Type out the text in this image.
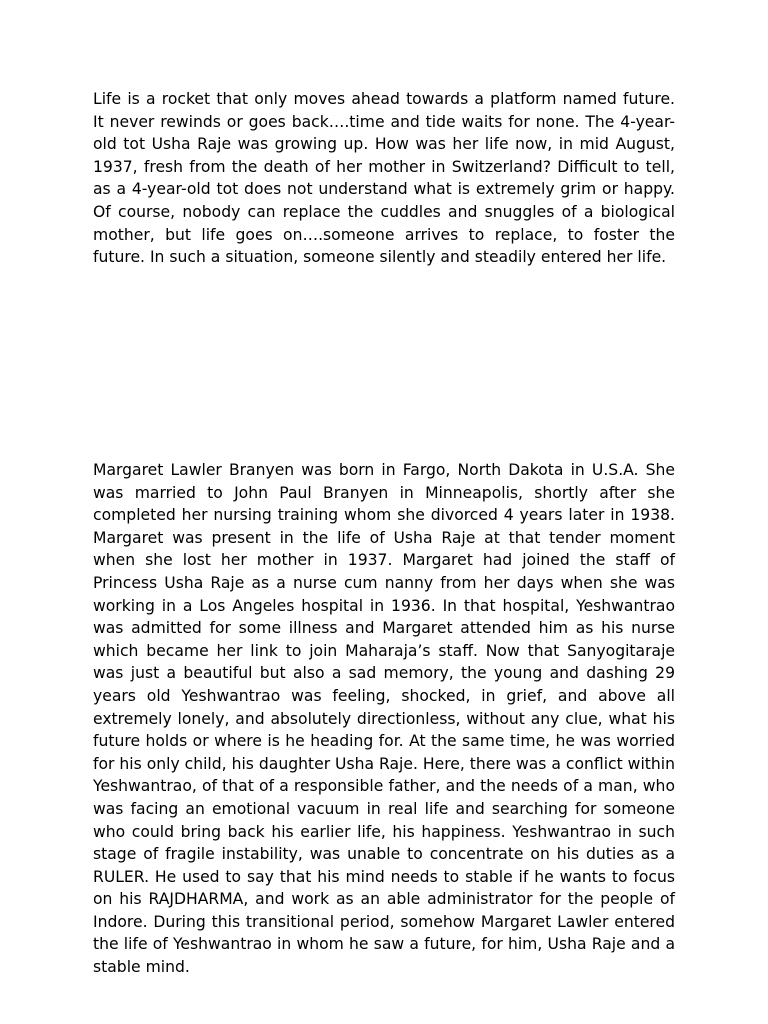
Life is a rocket that only moves ahead towards a platform named future. It never rewinds or goes back….time and tide waits for none. The 4-year-old tot Usha Raje was growing up. How was her life now, in mid August, 1937, fresh from the death of her mother in Switzerland? Difficult to tell, as a 4-year-old tot does not understand what is extremely grim or happy. Of course, nobody can replace the cuddles and snuggles of a biological mother, but life goes on….someone arrives to replace, to foster the future. In such a situation, someone silently and steadily entered her life.

Margaret Lawler Branyen was born in Fargo, North Dakota in U.S.A. She was married to John Paul Branyen in Minneapolis, shortly after she completed her nursing training whom she divorced 4 years later in 1938. Margaret was present in the life of Usha Raje at that tender moment when she lost her mother in 1937. Margaret had joined the staff of Princess Usha Raje as a nurse cum nanny from her days when she was working in a Los Angeles hospital in 1936. In that hospital, Yeshwantrao was admitted for some illness and Margaret attended him as his nurse which became her link to join Maharaja’s staff. Now that Sanyogitaraje was just a beautiful but also a sad memory, the young and dashing 29 years old Yeshwantrao was feeling, shocked, in grief, and above all extremely lonely, and absolutely directionless, without any clue, what his future holds or where is he heading for. At the same time, he was worried for his only child, his daughter Usha Raje. Here, there was a conflict within Yeshwantrao, of that of a responsible father, and the needs of a man, who was facing an emotional vacuum in real life and searching for someone who could bring back his earlier life, his happiness. Yeshwantrao in such stage of fragile instability, was unable to concentrate on his duties as a RULER. He used to say that his mind needs to stable if he wants to focus on his RAJDHARMA, and work as an able administrator for the people of Indore. During this transitional period, somehow Margaret Lawler entered the life of Yeshwantrao in whom he saw a future, for him, Usha Raje and a stable mind.
